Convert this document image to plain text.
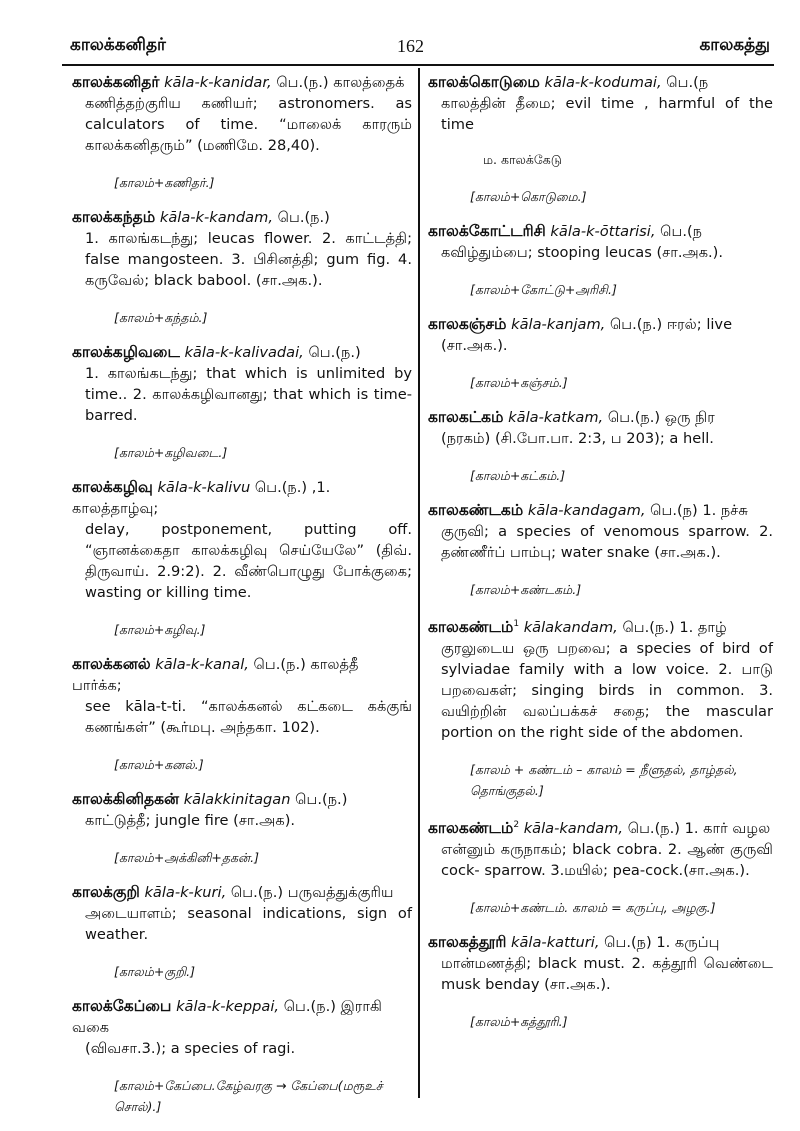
காலக்கனிதர்	162	காலகத்து
காலக்கனிதர் kāla-k-kanidar, பெ.(ந.) காலத்தைக்
கணித்தற்குரிய கணியர்; astronomers. as calculators of time. “மாலைக் காரரும் காலக்கனிதரும்” (மணிமே. 28,40).
[காலம்+கணிதர்.]
காலக்கந்தம் kāla-k-kandam, பெ.(ந.)
1. காலங்கடந்து; leucas flower. 2. காட்டத்தி; false mangosteen. 3. பிசினத்தி; gum fig. 4. கருவேல்; black babool. (சா.அக.).
[காலம்+கந்தம்.]
காலக்கழிவடை kāla-k-kalivadai, பெ.(ந.)
1. காலங்கடந்து; that which is unlimited by time.. 2. காலக்கழிவானது; that which is time-barred.
[காலம்+கழிவடை.]
காலக்கழிவு kāla-k-kalivu பெ.(ந.) ,1. காலத்தாழ்வு;
delay, postponement, putting off. “ஞானக்கைதா காலக்கழிவு செய்யேலே” (திவ். திருவாய். 2.9:2). 2. வீண்பொழுது போக்குகை; wasting or killing time.
[காலம்+கழிவு.]
காலக்கனல் kāla-k-kanal, பெ.(ந.) காலத்தீ பார்க்க;
see kāla-t-ti. “காலக்கனல் கட்கடை கக்குங் கணங்கள்” (கூர்மபு. அந்தகா. 102).
[காலம்+கனல்.]
காலக்கினிதகன் kālakkinitagan பெ.(ந.)
காட்டுத்தீ; jungle fire (சா.அக).
[காலம்+அக்கினி+தகன்.]
காலக்குறி kāla-k-kuri, பெ.(ந.) பருவத்துக்குரிய
அடையாளம்; seasonal indications, sign of weather.
[காலம்+குறி.]
காலக்கேப்பை kāla-k-keppai, பெ.(ந.) இராகி வகை
(விவசா.3.); a species of ragi.
[காலம்+கேப்பை.கேழ்வரகு → கேப்பை(மரூஉச் சொல்).]
காலக்கொடுமை kāla-k-kodumai, பெ.(ந
காலத்தின் தீமை; evil time , harmful of the time
ம. காலக்கேடு
[காலம்+கொடுமை.]
காலக்கோட்டரிசி kāla-k-ōttarisi, பெ.(ந
கவிழ்தும்பை; stooping leucas (சா.அக.).
[காலம்+கோட்டு+அரிசி.]
காலகஞ்சம் kāla-kanjam, பெ.(ந.) ஈரல்; live
(சா.அக.).
[காலம்+கஞ்சம்.]
காலகட்கம் kāla-katkam, பெ.(ந.) ஒரு நிர
(நரகம்) (சி.போ.பா. 2:3, ப 203); a hell.
[காலம்+கட்கம்.]
காலகண்டகம் kāla-kandagam, பெ.(ந) 1. நச்சு
குருவி; a species of venomous sparrow. 2. தண்ணீர்ப் பாம்பு; water snake (சா.அக.).
[காலம்+கண்டகம்.]
காலகண்டம்$^1$ kālakandam, பெ.(ந.) 1. தாழ்
குரலுடைய ஒரு பறவை; a species of bird of sylviadae family with a low voice. 2. பாடு பறவைகள்; singing birds in common. 3. வயிற்றின் வலப்பக்கச் சதை; the mascular portion on the right side of the abdomen.
[காலம் + கண்டம் – காலம் = நீளுதல், தாழ்தல், தொங்குதல்.]
காலகண்டம்$^2$ kāla-kandam, பெ.(ந.) 1. கார் வழல
என்னும் கருநாகம்; black cobra. 2. ஆண் குருவி cock- sparrow. 3.மயில்; pea-cock.(சா.அக.).
[காலம்+கண்டம். காலம் = கருப்பு, அழகு.]
காலகத்தூரி kāla-katturi, பெ.(ந) 1. கருப்பு
மான்மணத்தி; black must. 2. கத்தூரி வெண்டை musk benday (சா.அக.).
[காலம்+கத்தூரி.]
